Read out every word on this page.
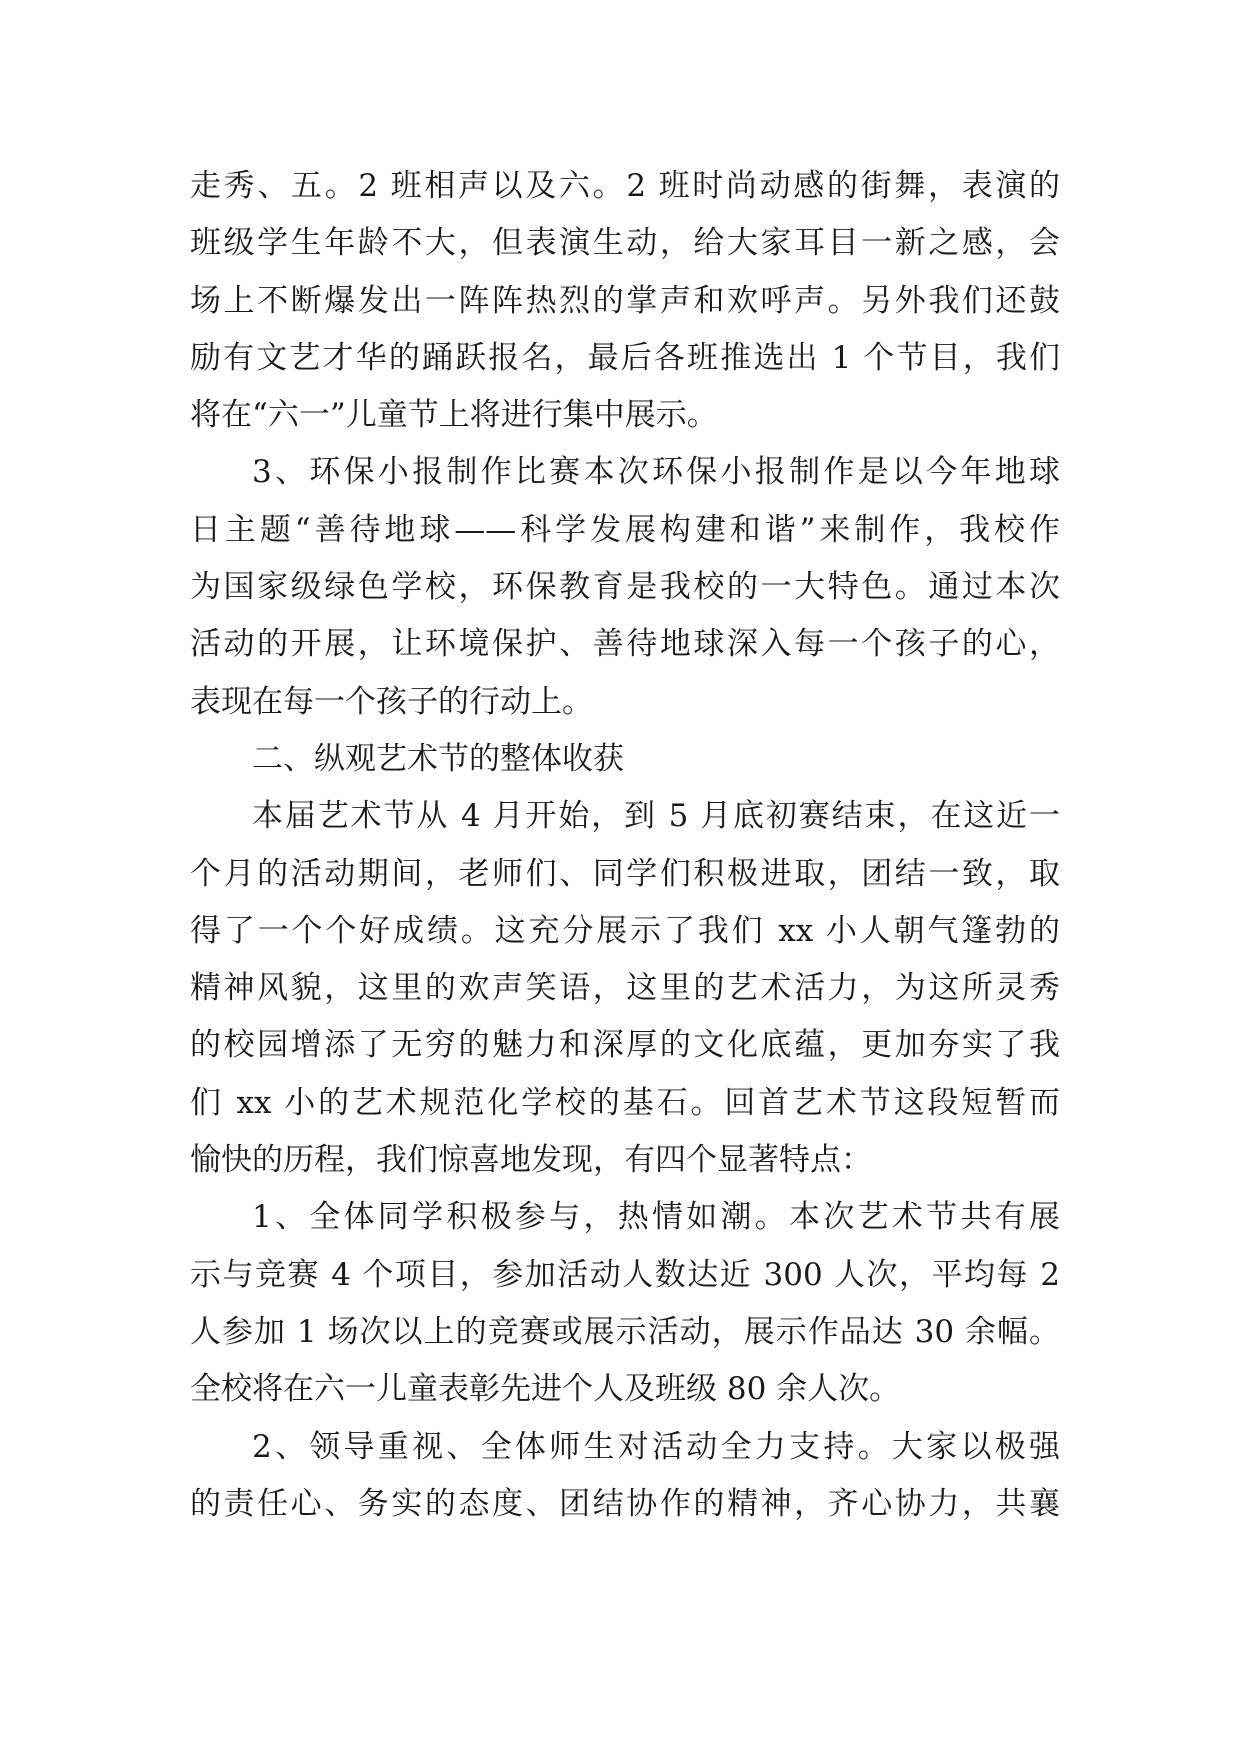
走秀、五。2 班相声以及六。2 班时尚动感的街舞，表演的
班级学生年龄不大，但表演生动，给大家耳目一新之感，会
场上不断爆发出一阵阵热烈的掌声和欢呼声。另外我们还鼓
励有文艺才华的踊跃报名，最后各班推选出 1 个节目，我们
将在“六一”儿童节上将进行集中展示。
3、环保小报制作比赛本次环保小报制作是以今年地球
日主题“善待地球——科学发展构建和谐”来制作，我校作
为国家级绿色学校，环保教育是我校的一大特色。通过本次
活动的开展，让环境保护、善待地球深入每一个孩子的心，
表现在每一个孩子的行动上。
二、纵观艺术节的整体收获
本届艺术节从 4 月开始，到 5 月底初赛结束，在这近一
个月的活动期间，老师们、同学们积极进取，团结一致，取
得了一个个好成绩。这充分展示了我们 xx 小人朝气篷勃的
精神风貌，这里的欢声笑语，这里的艺术活力，为这所灵秀
的校园增添了无穷的魅力和深厚的文化底蕴，更加夯实了我
们 xx 小的艺术规范化学校的基石。回首艺术节这段短暂而
愉快的历程，我们惊喜地发现，有四个显著特点：
1、全体同学积极参与，热情如潮。本次艺术节共有展
示与竞赛 4 个项目，参加活动人数达近 300 人次，平均每 2
人参加 1 场次以上的竞赛或展示活动，展示作品达 30 余幅。
全校将在六一儿童表彰先进个人及班级 80 余人次。
2、领导重视、全体师生对活动全力支持。大家以极强
的责任心、务实的态度、团结协作的精神，齐心协力，共襄
